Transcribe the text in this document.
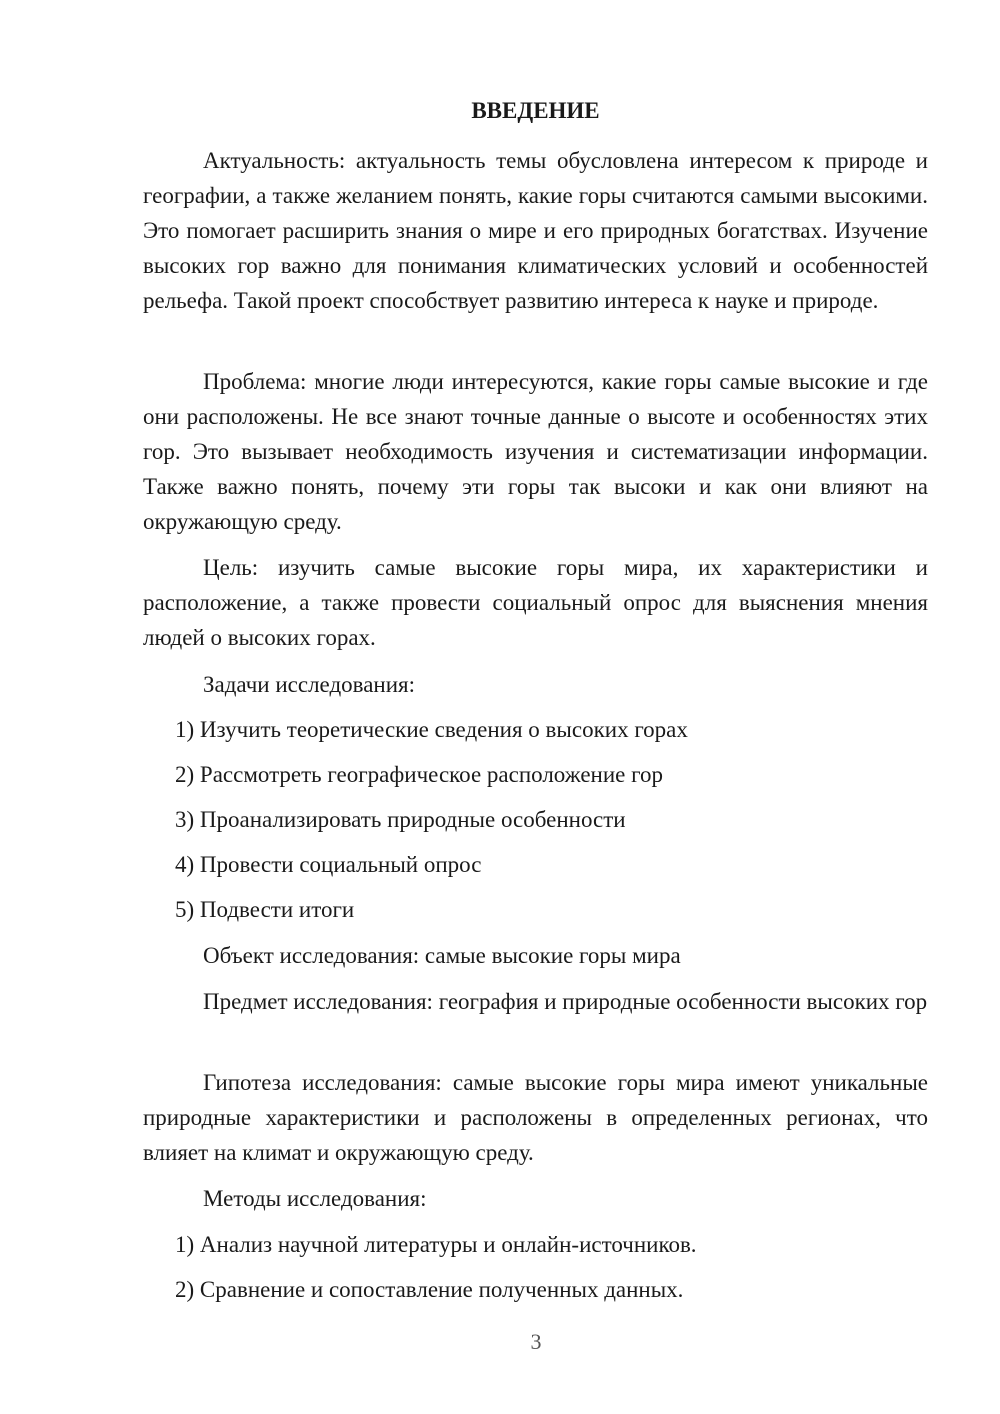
ВВЕДЕНИЕ

Актуальность: актуальность темы обусловлена интересом к природе и географии, а также желанием понять, какие горы считаются самыми высокими. Это помогает расширить знания о мире и его природных богатствах. Изучение высоких гор важно для понимания климатических условий и особенностей рельефа. Такой проект способствует развитию интереса к науке и природе.

Проблема: многие люди интересуются, какие горы самые высокие и где они расположены. Не все знают точные данные о высоте и особенностях этих гор. Это вызывает необходимость изучения и систематизации информации. Также важно понять, почему эти горы так высоки и как они влияют на окружающую среду.

Цель: изучить самые высокие горы мира, их характеристики и расположение, а также провести социальный опрос для выяснения мнения людей о высоких горах.

Задачи исследования:

1) Изучить теоретические сведения о высоких горах

2) Рассмотреть географическое расположение гор

3) Проанализировать природные особенности

4) Провести социальный опрос

5) Подвести итоги

Объект исследования: самые высокие горы мира

Предмет исследования: география и природные особенности высоких гор

Гипотеза исследования: самые высокие горы мира имеют уникальные природные характеристики и расположены в определенных регионах, что влияет на климат и окружающую среду.

Методы исследования:

1) Анализ научной литературы и онлайн-источников.

2) Сравнение и сопоставление полученных данных.

3
